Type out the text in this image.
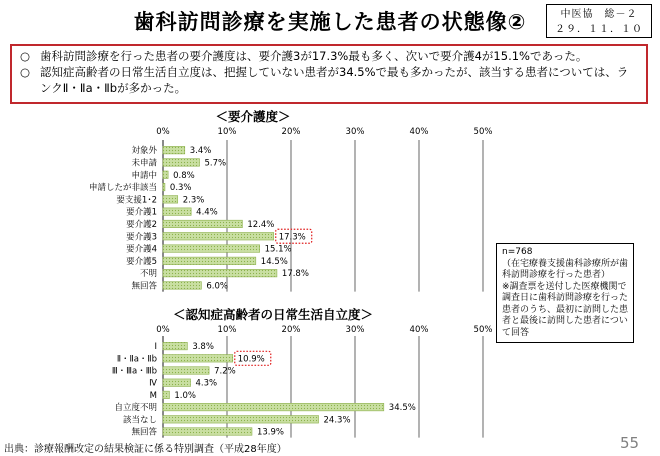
歯科訪問診療を実施した患者の状態像②	中医協　総－２
２９．１１．１０
○ 歯科訪問診療を行った患者の要介護度は、要介護3が17.3%最も多く、次いで要介護4が15.1%であった。
○ 認知症高齢者の日常生活自立度は、把握していない患者が34.5%で最も多かったが、該当する患者については、ランクⅡ・Ⅱa・Ⅱbが多かった。
＜要介護度＞
0%	10%	20%	30%	40%	50%
対象外	3.4%
未申請	5.7%
申請中 0.8%
申請したが非該当 0.3%
要支援1･2	2.3%
要介護1	4.4%
要介護2	12.4%
要介護3	17.3%
要介護4	15.1%
要介護5	14.5%
不明	17.8%
無回答	6.0%
＜認知症高齢者の日常生活自立度＞
0%	10%	20%	30%	40%	50%
Ⅰ	3.8%
Ⅱ・Ⅱa・Ⅱb	10.9%
Ⅲ・Ⅲa・Ⅲb	7.2%
Ⅳ	4.3%
M 1.0%
自立度不明	34.5%
該当なし	24.3%
無回答	13.9%
n=768
（在宅療養支援歯科診療所が歯科訪問診療を行った患者）
※調査票を送付した医療機関で調査日に歯科訪問診療を行った患者のうち、最初に訪問した患者と最後に訪問した患者について回答
出典：診療報酬改定の結果検証に係る特別調査（平成28年度）	55
